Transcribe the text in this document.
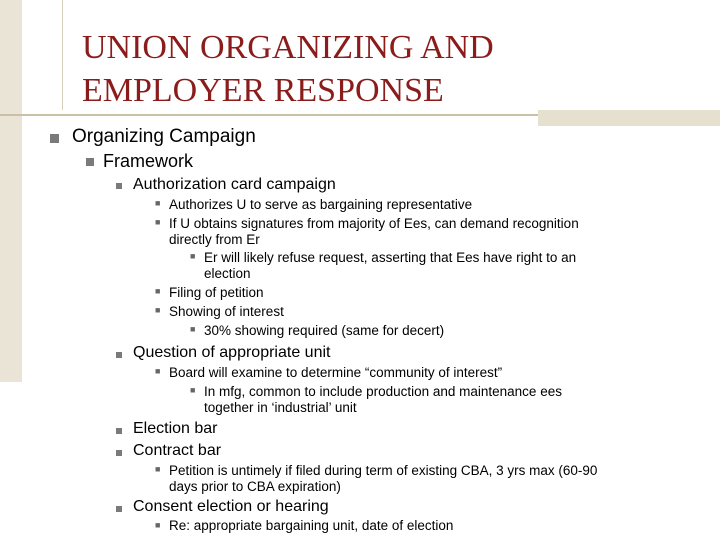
UNION ORGANIZING AND
EMPLOYER RESPONSE
Organizing Campaign
Framework
Authorization card campaign
■ Authorizes U to serve as bargaining representative
■ If U obtains signatures from majority of Ees, can demand recognition
directly from Er
■ Er will likely refuse request, asserting that Ees have right to an
election
■ Filing of petition
■ Showing of interest
■ 30% showing required (same for decert)
Question of appropriate unit
■ Board will examine to determine “community of interest”
■ In mfg, common to include production and maintenance ees
together in ‘industrial’ unit
Election bar
Contract bar
■ Petition is untimely if filed during term of existing CBA, 3 yrs max (60-90
days prior to CBA expiration)
Consent election or hearing
■ Re: appropriate bargaining unit, date of election
